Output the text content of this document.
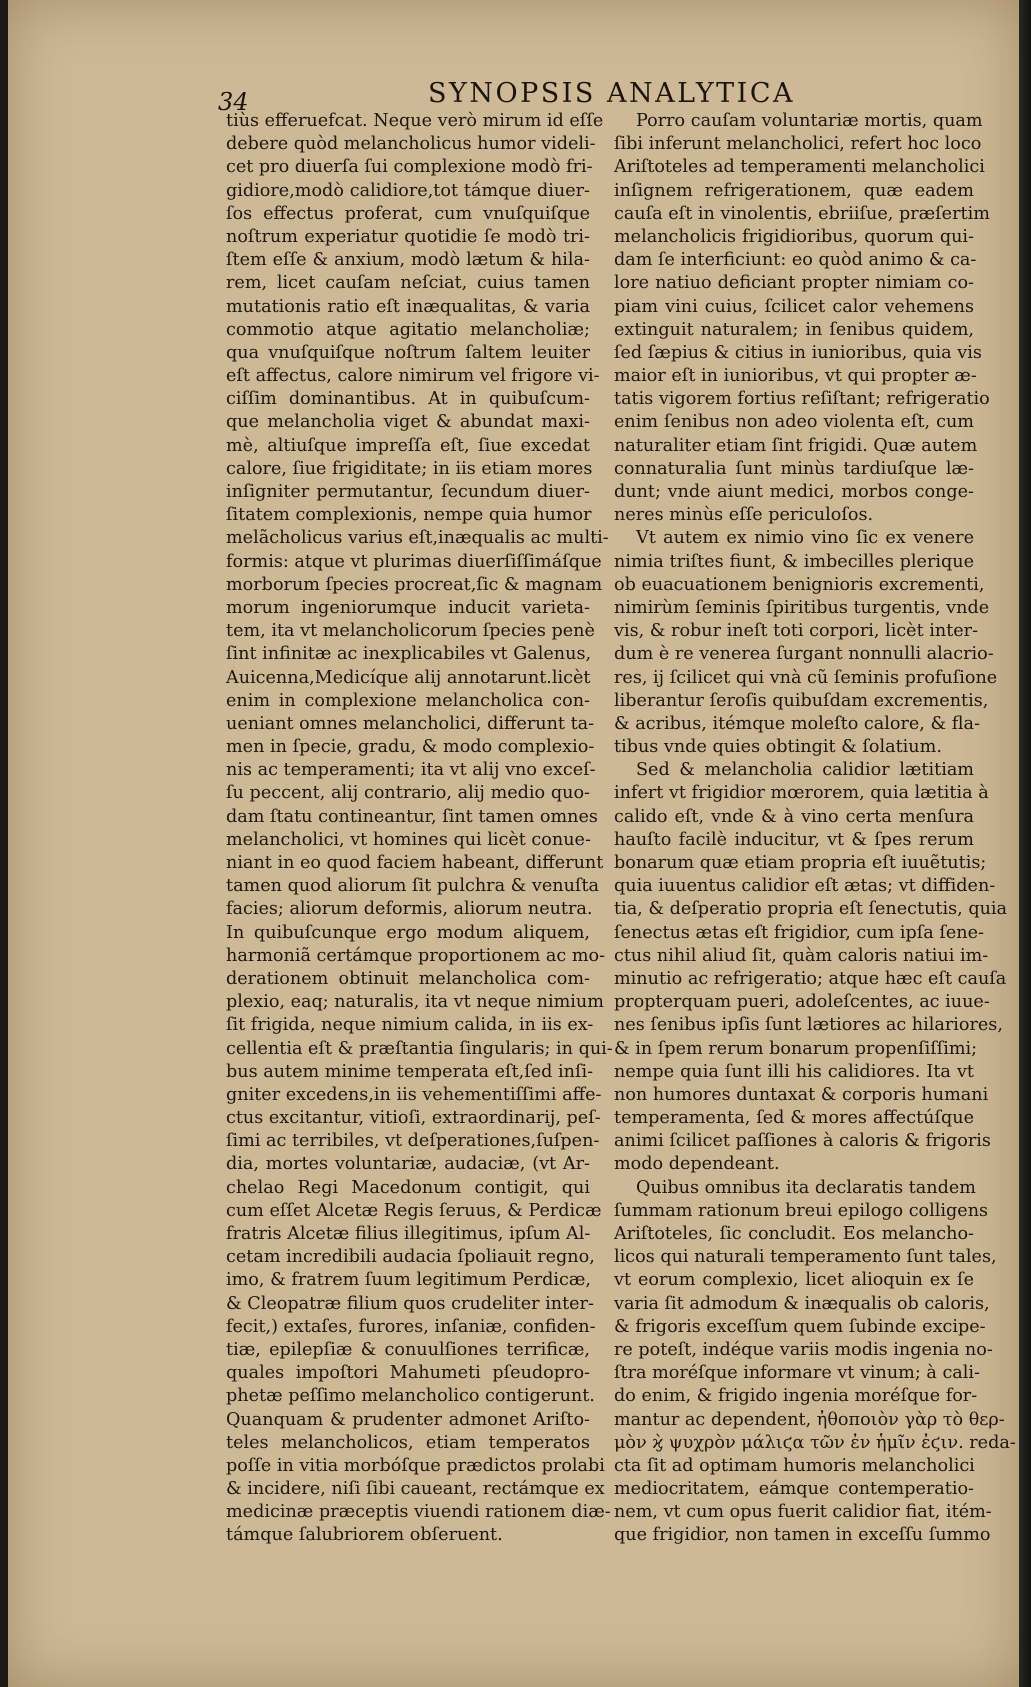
34	SYNOPSIS ANALYTICA
tiùs efferuefcat. Neque verò mirum id eſſe
debere quòd melancholicus humor videli-
cet pro diuerſa ſui complexione modò fri-
gidiore,modò calidiore,tot támque diuer-
ſos effectus proferat, cum vnuſquiſque
noſtrum experiatur quotidie ſe modò tri-
ſtem eſſe & anxium, modò lætum & hila-
rem, licet cauſam neſciat, cuius tamen
mutationis ratio eſt inæqualitas, & varia
commotio atque agitatio melancholiæ;
qua vnuſquiſque noſtrum ſaltem leuiter
eſt affectus, calore nimirum vel frigore vi-
ciſſim dominantibus. At in quibuſcum-
que melancholia viget & abundat maxi-
mè, altiuſque impreſſa eſt, ſiue excedat
calore, ſiue frigiditate; in iis etiam mores
inſigniter permutantur, ſecundum diuer-
ſitatem complexionis, nempe quia humor
melãcholicus varius eſt,inæqualis ac multi-
formis: atque vt plurimas diuerſiſſimáſque
morborum ſpecies procreat,ſic & magnam
morum ingeniorumque inducit varieta-
tem, ita vt melancholicorum ſpecies penè
ſint infinitæ ac inexplicabiles vt Galenus,
Auicenna,Medicíque alij annotarunt.licèt
enim in complexione melancholica con-
ueniant omnes melancholici, differunt ta-
men in ſpecie, gradu, & modo complexio-
nis ac temperamenti; ita vt alij vno exceſ-
ſu peccent, alij contrario, alij medio quo-
dam ſtatu contineantur, ſint tamen omnes
melancholici, vt homines qui licèt conue-
niant in eo quod faciem habeant, differunt
tamen quod aliorum ſit pulchra & venuſta
facies; aliorum deformis, aliorum neutra.
In quibuſcunque ergo modum aliquem,
harmoniã certámque proportionem ac mo-
derationem obtinuit melancholica com-
plexio, eaq; naturalis, ita vt neque nimium
ſit frigida, neque nimium calida, in iis ex-
cellentia eſt & præſtantia ſingularis; in qui-
bus autem minime temperata eſt,ſed inſi-
gniter excedens,in iis vehementiſſimi affe-
ctus excitantur, vitioſi, extraordinarij, peſ-
ſimi ac terribiles, vt deſperationes,ſuſpen-
dia, mortes voluntariæ, audaciæ, (vt Ar-
chelao Regi Macedonum contigit, qui
cum eſſet Alcetæ Regis ſeruus, & Perdicæ
fratris Alcetæ filius illegitimus, ipſum Al-
cetam incredibili audacia ſpoliauit regno,
imo, & fratrem ſuum legitimum Perdicæ,
& Cleopatræ filium quos crudeliter inter-
fecit,) extaſes, furores, inſaniæ, confiden-
tiæ, epilepſiæ & conuulſiones terrificæ,
quales impoſtori Mahumeti pſeudopro-
phetæ peſſimo melancholico contigerunt.
Quanquam & prudenter admonet Ariſto-
teles melancholicos, etiam temperatos
poſſe in vitia morbóſque prædictos prolabi
& incidere, niſi ſibi caueant, rectámque ex
medicinæ præceptis viuendi rationem diæ-
támque ſalubriorem obſeruent.
Porro cauſam voluntariæ mortis, quam
ſibi inferunt melancholici, refert hoc loco
Ariſtoteles ad temperamenti melancholici
inſignem refrigerationem, quæ eadem
cauſa eſt in vinolentis, ebriiſue, præſertim
melancholicis frigidioribus, quorum qui-
dam ſe interficiunt: eo quòd animo & ca-
lore natiuo deficiant propter nimiam co-
piam vini cuius, ſcilicet calor vehemens
extinguit naturalem; in ſenibus quidem,
ſed ſæpius & citius in iunioribus, quia vis
maior eſt in iunioribus, vt qui propter æ-
tatis vigorem fortius reſiſtant; refrigeratio
enim ſenibus non adeo violenta eſt, cum
naturaliter etiam ſint frigidi. Quæ autem
connaturalia ſunt minùs tardiuſque læ-
dunt; vnde aiunt medici, morbos conge-
neres minùs eſſe periculoſos.
Vt autem ex nimio vino ſic ex venere
nimia triſtes fiunt, & imbecilles plerique
ob euacuationem benignioris excrementi,
nimirùm ſeminis ſpiritibus turgentis, vnde
vis, & robur ineſt toti corpori, licèt inter-
dum è re venerea ſurgant nonnulli alacrio-
res, ij ſcilicet qui vnà cũ ſeminis profuſione
liberantur ſeroſis quibuſdam excrementis,
& acribus, itémque moleſto calore, & fla-
tibus vnde quies obtingit & ſolatium.
Sed & melancholia calidior lætitiam
infert vt frigidior mœrorem, quia lætitia à
calido eſt, vnde & à vino certa menſura
hauſto facilè inducitur, vt & ſpes rerum
bonarum quæ etiam propria eſt iuuẽtutis;
quia iuuentus calidior eſt ætas; vt diffiden-
tia, & deſperatio propria eſt ſenectutis, quia
ſenectus ætas eſt frigidior, cum ipſa ſene-
ctus nihil aliud ſit, quàm caloris natiui im-
minutio ac refrigeratio; atque hæc eſt cauſa
propterquam pueri, adoleſcentes, ac iuue-
nes ſenibus ipſis ſunt lætiores ac hilariores,
& in ſpem rerum bonarum propenſiſſimi;
nempe quia ſunt illi his calidiores. Ita vt
non humores duntaxat & corporis humani
temperamenta, ſed & mores affectúſque
animi ſcilicet paſſiones à caloris & frigoris
modo dependeant.
Quibus omnibus ita declaratis tandem
ſummam rationum breui epilogo colligens
Ariſtoteles, ſic concludit. Eos melancho-
licos qui naturali temperamento ſunt tales,
vt eorum complexio, licet alioquin ex ſe
varia ſit admodum & inæqualis ob caloris,
& frigoris exceſſum quem ſubinde excipe-
re poteſt, indéque variis modis ingenia no-
ſtra moréſque informare vt vinum; à cali-
do enim, & frigido ingenia moréſque for-
mantur ac dependent, ἠθοποιὸν γὰρ τὸ θερ-
μὸν ϗ̀ ψυχρὸν μάλιϛα τῶν ἐν ἡμῖν ἐϛιν. reda-
cta ſit ad optimam humoris melancholici
mediocritatem, eámque contemperatio-
nem, vt cum opus fuerit calidior fiat, itém-
que frigidior, non tamen in exceſſu ſummo
